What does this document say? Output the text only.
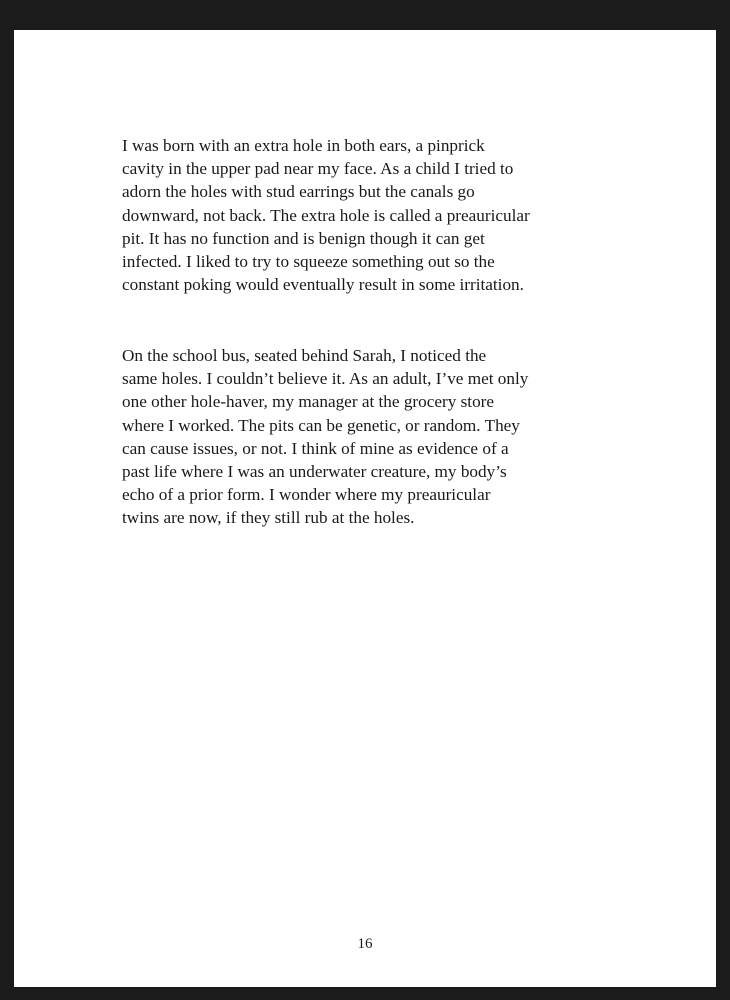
I was born with an extra hole in both ears, a pinprick
cavity in the upper pad near my face. As a child I tried to
adorn the holes with stud earrings but the canals go
downward, not back. The extra hole is called a preauricular
pit. It has no function and is benign though it can get
infected. I liked to try to squeeze something out so the
constant poking would eventually result in some irritation.

On the school bus, seated behind Sarah, I noticed the
same holes. I couldn’t believe it. As an adult, I’ve met only
one other hole-haver, my manager at the grocery store
where I worked. The pits can be genetic, or random. They
can cause issues, or not. I think of mine as evidence of a
past life where I was an underwater creature, my body’s
echo of a prior form. I wonder where my preauricular
twins are now, if they still rub at the holes.

16
